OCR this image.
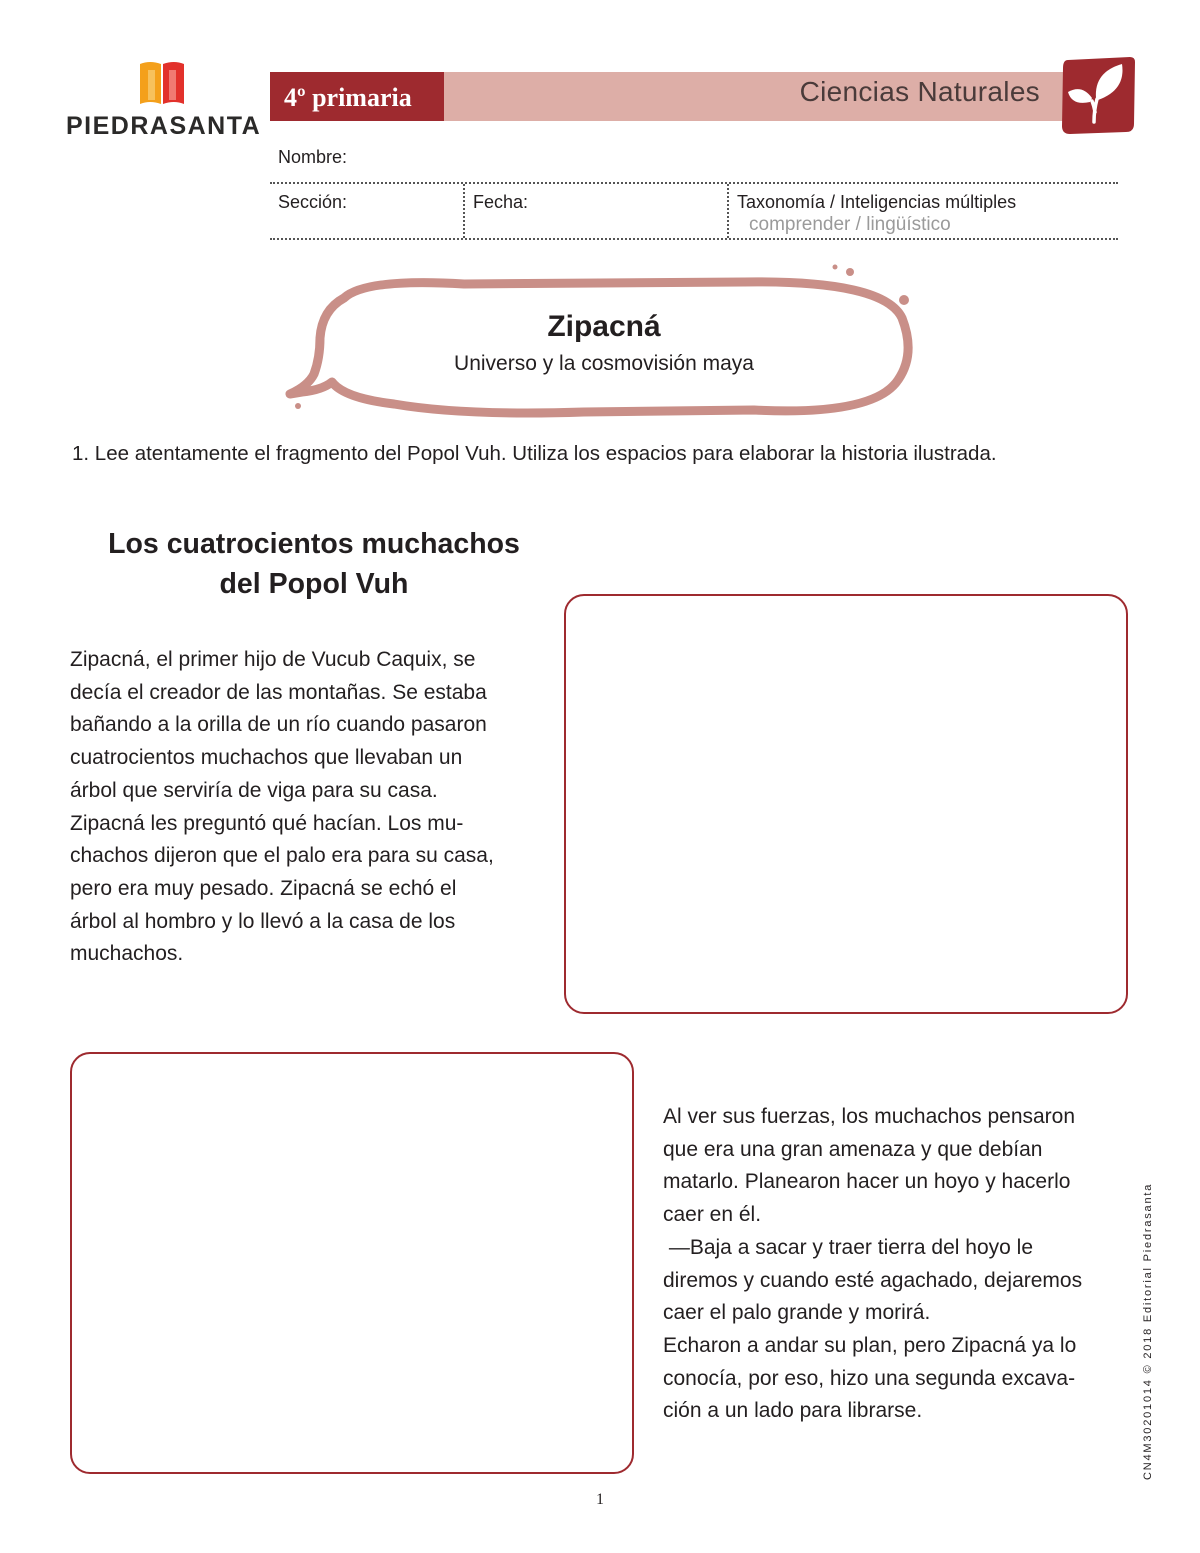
PIEDRASANTA
4º primaria	Ciencias Naturales
Nombre:
Sección:	Fecha:	Taxonomía / Inteligencias múltiples
comprender / lingüístico
Zipacná
Universo y la cosmovisión maya
1. Lee atentamente el fragmento del Popol Vuh. Utiliza los espacios para elaborar la historia ilustrada.
Los cuatrocientos muchachos
del Popol Vuh

Zipacná, el primer hijo de Vucub Caquix, se

decía el creador de las montañas. Se estaba

bañando a la orilla de un río cuando pasaron

cuatrocientos muchachos que llevaban un

árbol que serviría de viga para su casa.

Zipacná les preguntó qué hacían. Los mu-

chachos dijeron que el palo era para su casa,

pero era muy pesado. Zipacná se echó el

árbol al hombro y lo llevó a la casa de los

muchachos.

Al ver sus fuerzas, los muchachos pensaron

que era una gran amenaza y que debían

matarlo. Planearon hacer un hoyo y hacerlo

caer en él.

—Baja a sacar y traer tierra del hoyo le

diremos y cuando esté agachado, dejaremos

caer el palo grande y morirá.

Echaron a andar su plan, pero Zipacná ya lo

conocía, por eso, hizo una segunda excava-

ción a un lado para librarse.

1
CN4M30201014 © 2018 Editorial Piedrasanta
